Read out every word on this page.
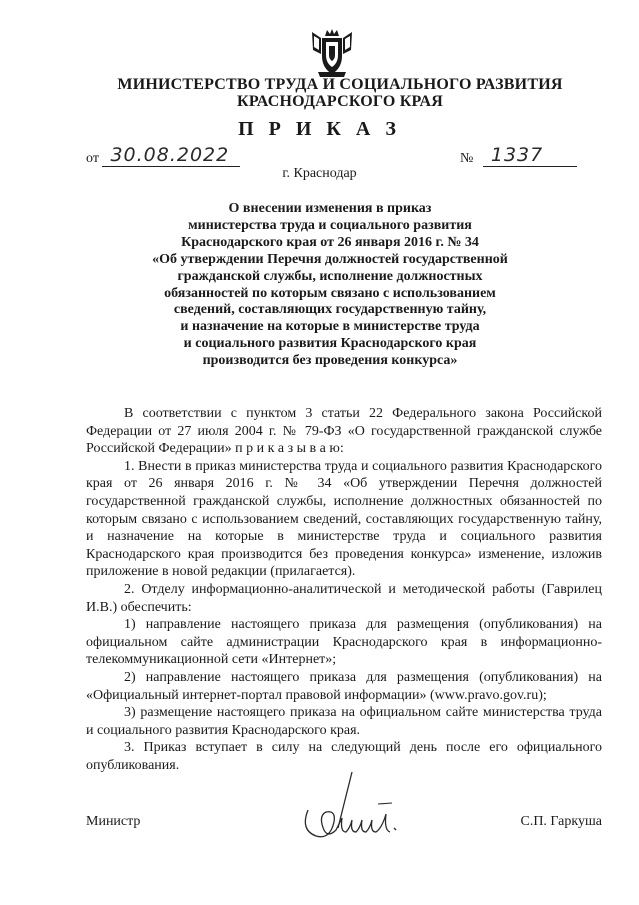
МИНИСТЕРСТВО ТРУДА И СОЦИАЛЬНОГО РАЗВИТИЯ
КРАСНОДАРСКОГО КРАЯ
П Р И К А З
от 30.08.2022	№ 1337
г. Краснодар
О внесении изменения в приказ
министерства труда и социального развития
Краснодарского края от 26 января 2016 г. № 34
«Об утверждении Перечня должностей государственной
гражданской службы, исполнение должностных
обязанностей по которым связано с использованием
сведений, составляющих государственную тайну,
и назначение на которые в министерстве труда
и социального развития Краснодарского края
производится без проведения конкурса»

В соответствии с пунктом 3 статьи 22 Федерального закона Российской Федерации от 27 июля 2004 г. № 79-ФЗ «О государственной гражданской службе Российской Федерации» п р и к а з ы в а ю:

1. Внести в приказ министерства труда и социального развития Краснодарского края от 26 января 2016 г. № 34 «Об утверждении Перечня должностей государственной гражданской службы, исполнение должностных обязанностей по которым связано с использованием сведений, составляющих государственную тайну, и назначение на которые в министерстве труда и социального развития Краснодарского края производится без проведения конкурса» изменение, изложив приложение в новой редакции (прилагается).

2. Отделу информационно-аналитической и методической работы (Гаврилец И.В.) обеспечить:

1) направление настоящего приказа для размещения (опубликования) на официальном сайте администрации Краснодарского края в информационно-телекоммуникационной сети «Интернет»;

2) направление настоящего приказа для размещения (опубликования) на «Официальный интернет-портал правовой информации» (www.pravo.gov.ru);

3) размещение настоящего приказа на официальном сайте министерства труда и социального развития Краснодарского края.

3. Приказ вступает в силу на следующий день после его официального опубликования.

Министр	С.П. Гаркуша
